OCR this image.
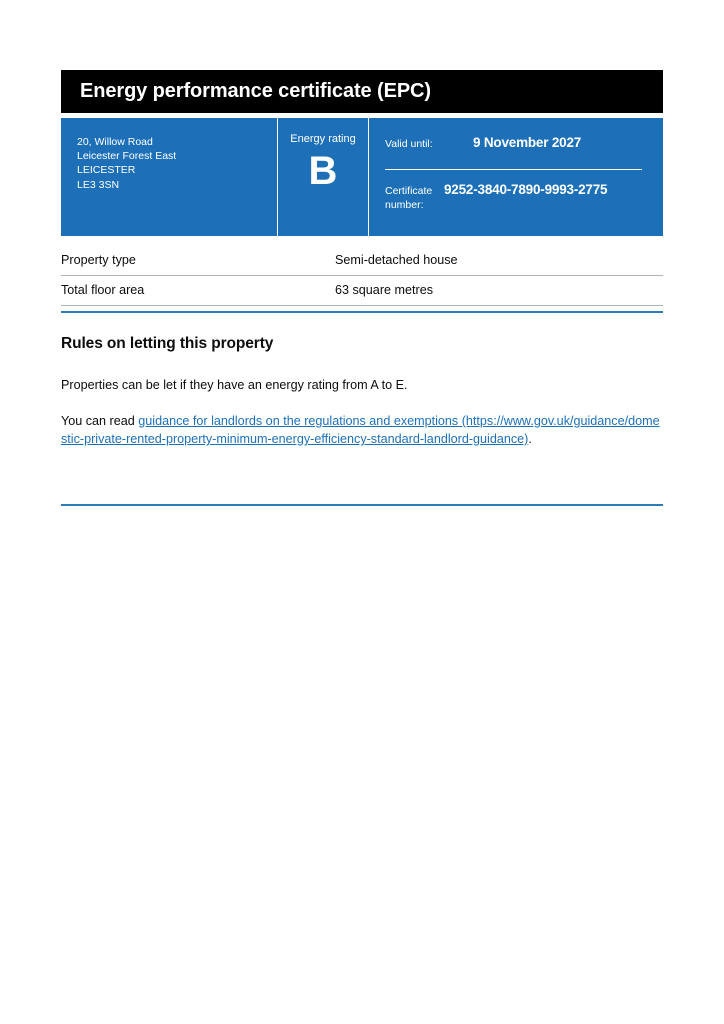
Energy performance certificate (EPC)
20, Willow Road
Leicester Forest East
LEICESTER
LE3 3SN
Energy rating
B
Valid until:	9 November 2027
Certificate number:
9252-3840-7890-9993-2775
Property type	Semi-detached house
Total floor area	63 square metres
Rules on letting this property

Properties can be let if they have an energy rating from A to E.

You can read guidance for landlords on the regulations and exemptions (https://www.gov.uk/guidance/domestic-private-rented-property-minimum-energy-efficiency-standard-landlord-guidance).
